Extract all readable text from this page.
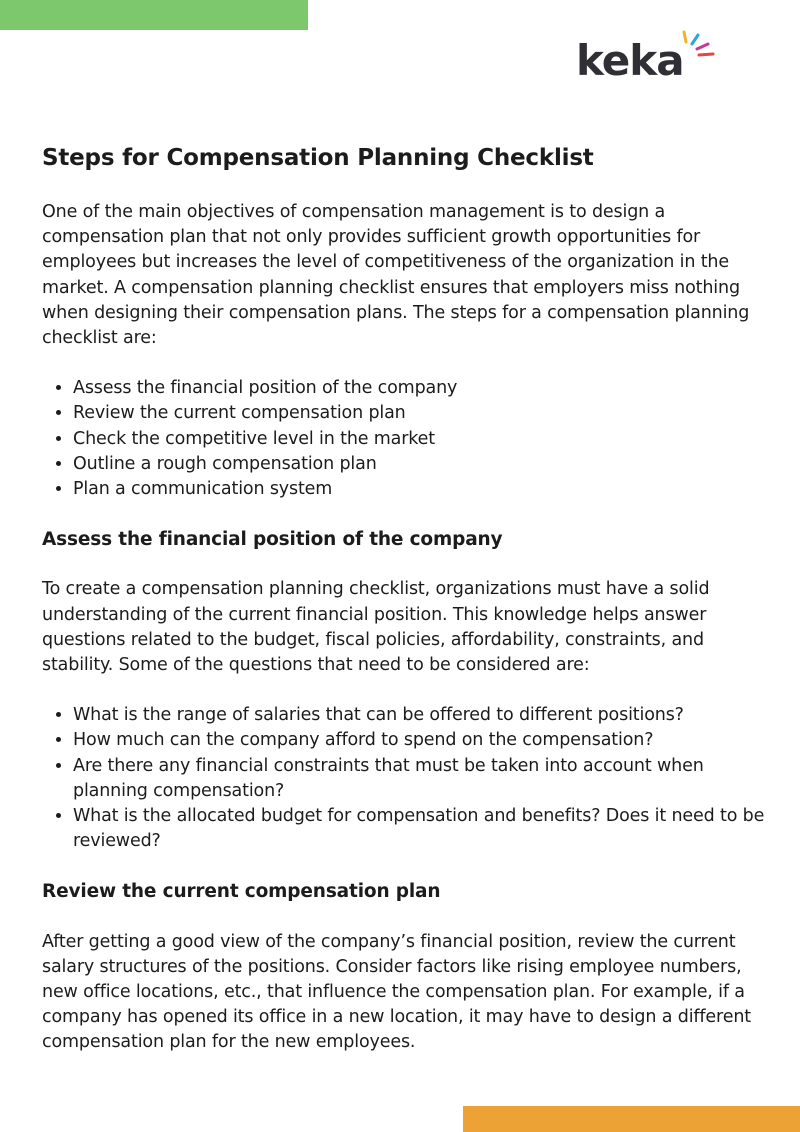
keka
Steps for Compensation Planning Checklist

One of the main objectives of compensation management is to design a compensation plan that not only provides sufficient growth opportunities for employees but increases the level of competitiveness of the organization in the market. A compensation planning checklist ensures that employers miss nothing when designing their compensation plans. The steps for a compensation planning checklist are:

• Assess the financial position of the company
• Review the current compensation plan
• Check the competitive level in the market
• Outline a rough compensation plan
• Plan a communication system
Assess the financial position of the company

To create a compensation planning checklist, organizations must have a solid understanding of the current financial position. This knowledge helps answer questions related to the budget, fiscal policies, affordability, constraints, and stability. Some of the questions that need to be considered are:

• What is the range of salaries that can be offered to different positions?
• How much can the company afford to spend on the compensation?
• Are there any financial constraints that must be taken into account when planning compensation?
• What is the allocated budget for compensation and benefits? Does it need to be reviewed?
Review the current compensation plan

After getting a good view of the company’s financial position, review the current salary structures of the positions. Consider factors like rising employee numbers, new office locations, etc., that influence the compensation plan. For example, if a company has opened its office in a new location, it may have to design a different compensation plan for the new employees.
